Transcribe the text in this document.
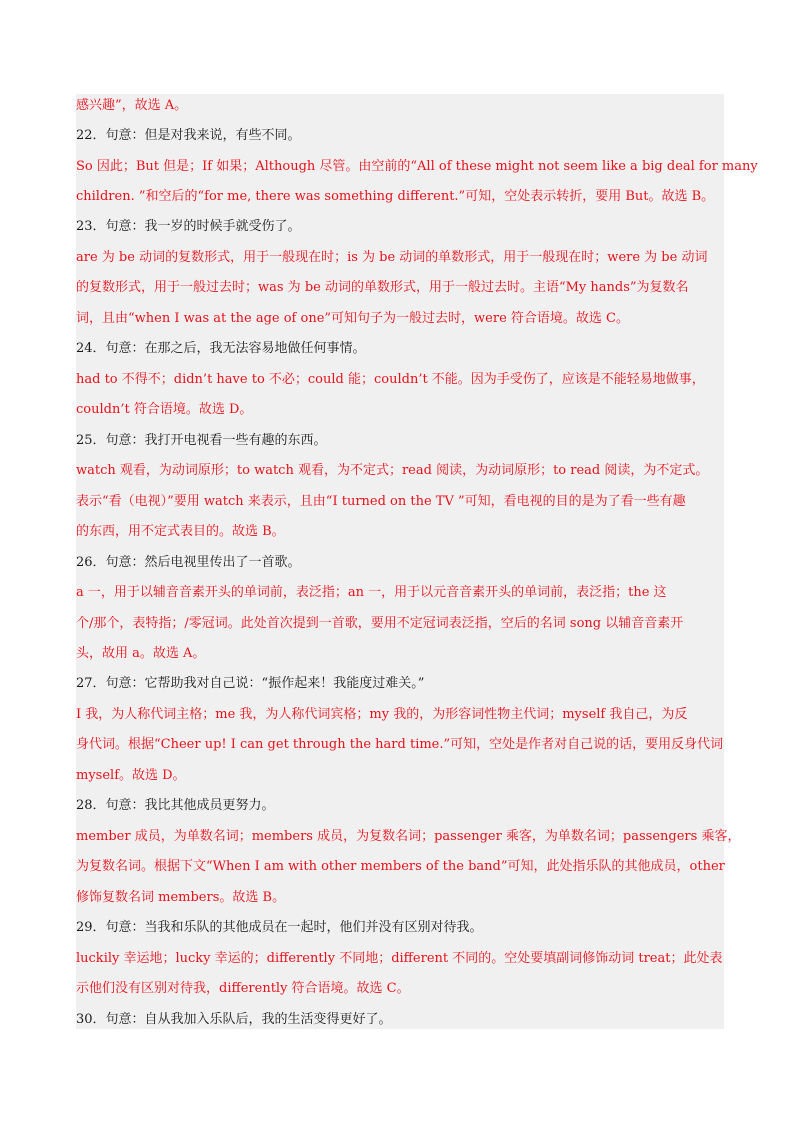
感兴趣”，故选 A。
22．句意：但是对我来说，有些不同。
So 因此；But 但是；If 如果；Although 尽管。由空前的“All of these might not seem like a big deal for many
children. ”和空后的“for me, there was something different.”可知，空处表示转折，要用 But。故选 B。
23．句意：我一岁的时候手就受伤了。
are 为 be 动词的复数形式，用于一般现在时；is 为 be 动词的单数形式，用于一般现在时；were 为 be 动词
的复数形式，用于一般过去时；was 为 be 动词的单数形式，用于一般过去时。主语“My hands”为复数名
词，且由“when I was at the age of one”可知句子为一般过去时，were 符合语境。故选 C。
24．句意：在那之后，我无法容易地做任何事情。
had to 不得不；didn’t have to 不必；could 能；couldn’t 不能。因为手受伤了，应该是不能轻易地做事，
couldn’t 符合语境。故选 D。
25．句意：我打开电视看一些有趣的东西。
watch 观看，为动词原形；to watch 观看，为不定式；read 阅读，为动词原形；to read 阅读，为不定式。
表示“看（电视）”要用 watch 来表示，且由“I turned on the TV ”可知，看电视的目的是为了看一些有趣
的东西，用不定式表目的。故选 B。
26．句意：然后电视里传出了一首歌。
a 一，用于以辅音音素开头的单词前，表泛指；an 一，用于以元音音素开头的单词前，表泛指；the 这
个/那个，表特指；/零冠词。此处首次提到一首歌，要用不定冠词表泛指，空后的名词 song 以辅音音素开
头，故用 a。故选 A。
27．句意：它帮助我对自己说：“振作起来！我能度过难关。”
I 我，为人称代词主格；me 我，为人称代词宾格；my 我的，为形容词性物主代词；myself 我自己，为反
身代词。根据“Cheer up! I can get through the hard time.”可知，空处是作者对自己说的话，要用反身代词
myself。故选 D。
28．句意：我比其他成员更努力。
member 成员，为单数名词；members 成员，为复数名词；passenger 乘客，为单数名词；passengers 乘客，
为复数名词。根据下文“When I am with other members of the band”可知，此处指乐队的其他成员，other
修饰复数名词 members。故选 B。
29．句意：当我和乐队的其他成员在一起时，他们并没有区别对待我。
luckily 幸运地；lucky 幸运的；differently 不同地；different 不同的。空处要填副词修饰动词 treat；此处表
示他们没有区别对待我，differently 符合语境。故选 C。
30．句意：自从我加入乐队后，我的生活变得更好了。
